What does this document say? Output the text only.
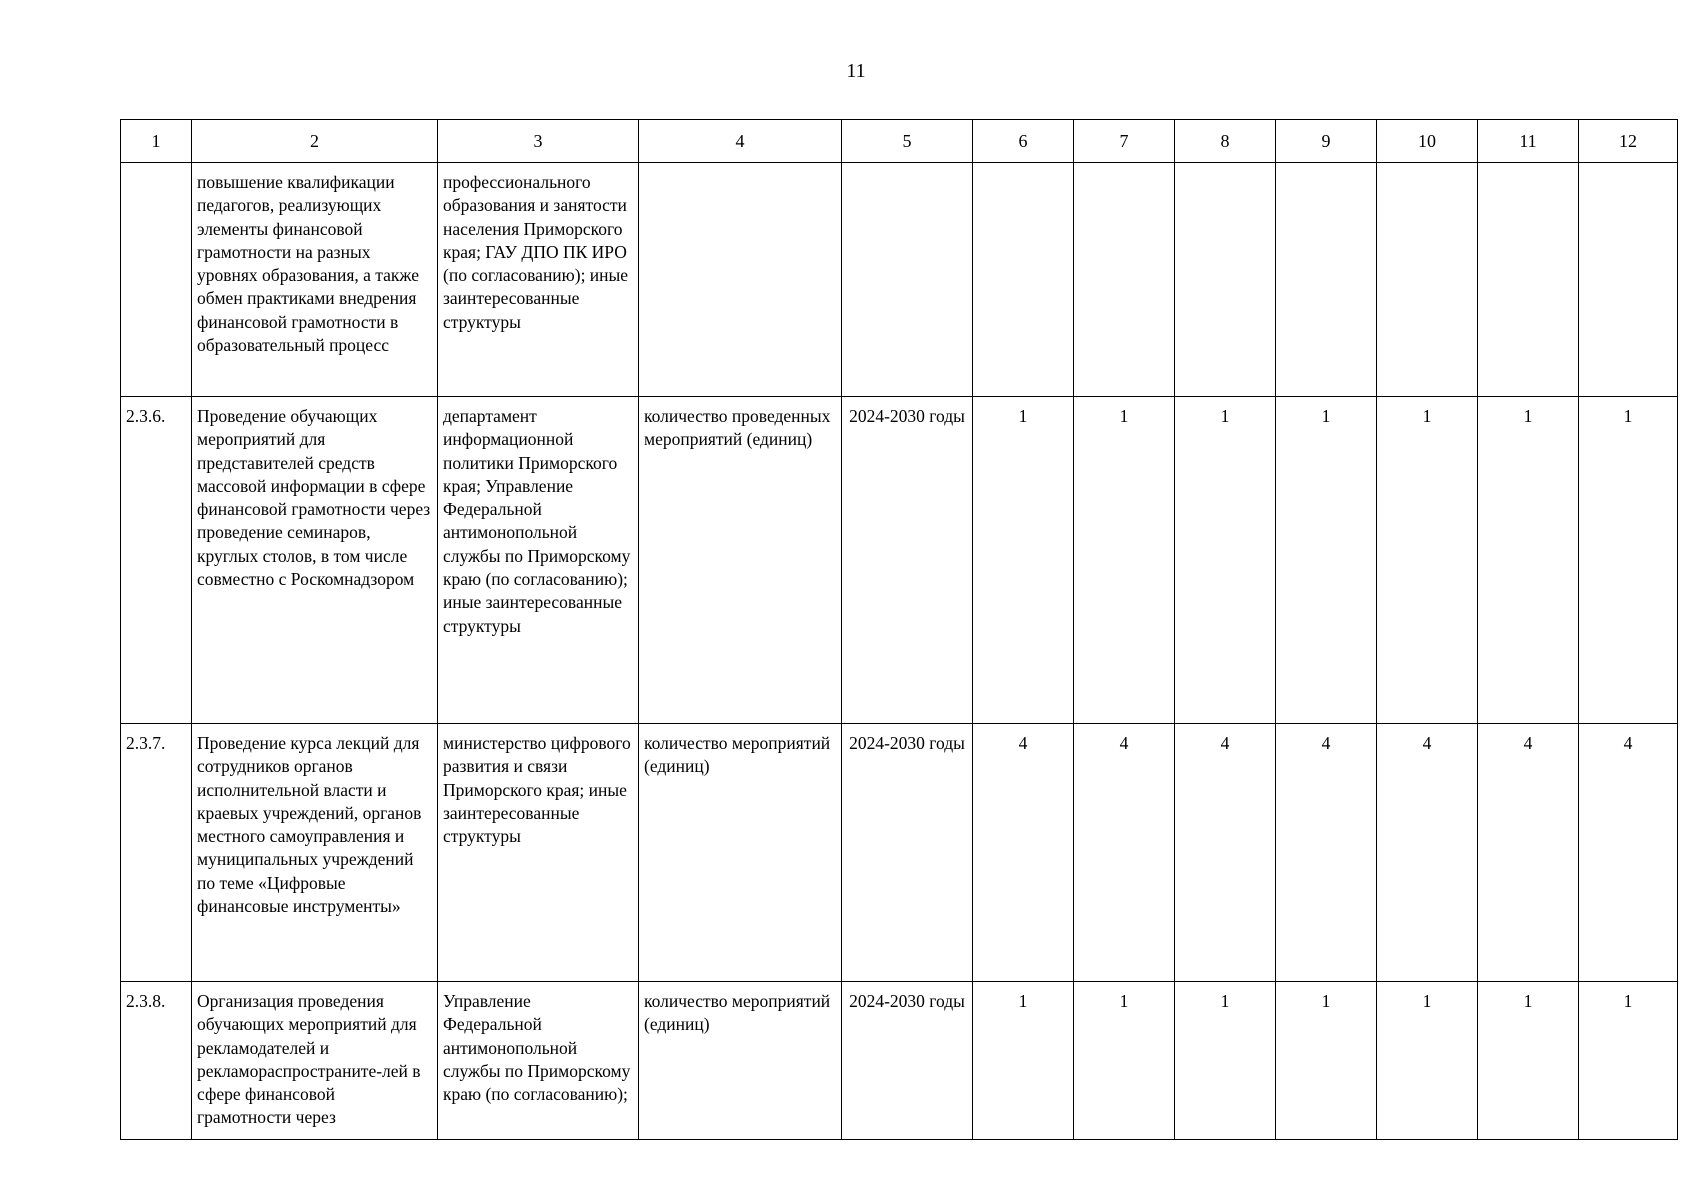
11
1	2	3	4	5	6	7	8	9	10	11	12
	повышение квалификации педагогов, реализующих элементы финансовой грамотности на разных уровнях образования, а также обмен практиками внедрения финансовой грамотности в образовательный процесс	профессионального образования и занятости населения Приморского края; ГАУ ДПО ПК ИРО (по согласованию); иные заинтересованные структуры									
2.3.6.	Проведение обучающих мероприятий для представителей средств массовой информации в сфере финансовой грамотности через проведение семинаров, круглых столов, в том числе совместно с Роскомнадзором	департамент информационной политики Приморского края; Управление Федеральной антимонопольной службы по Приморскому краю (по согласованию); иные заинтересованные структуры	количество проведенных мероприятий (единиц)	2024-2030 годы	1	1	1	1	1	1	1
2.3.7.	Проведение курса лекций для сотрудников органов исполнительной власти и краевых учреждений, органов местного самоуправления и муниципальных учреждений по теме «Цифровые финансовые инструменты»	министерство цифрового развития и связи Приморского края; иные заинтересованные структуры	количество мероприятий (единиц)	2024-2030 годы	4	4	4	4	4	4	4
2.3.8.	Организация проведения обучающих мероприятий для рекламодателей и рекламораспространите-лей в сфере финансовой грамотности через	Управление Федеральной антимонопольной службы по Приморскому краю (по согласованию);	количество мероприятий (единиц)	2024-2030 годы	1	1	1	1	1	1	1
